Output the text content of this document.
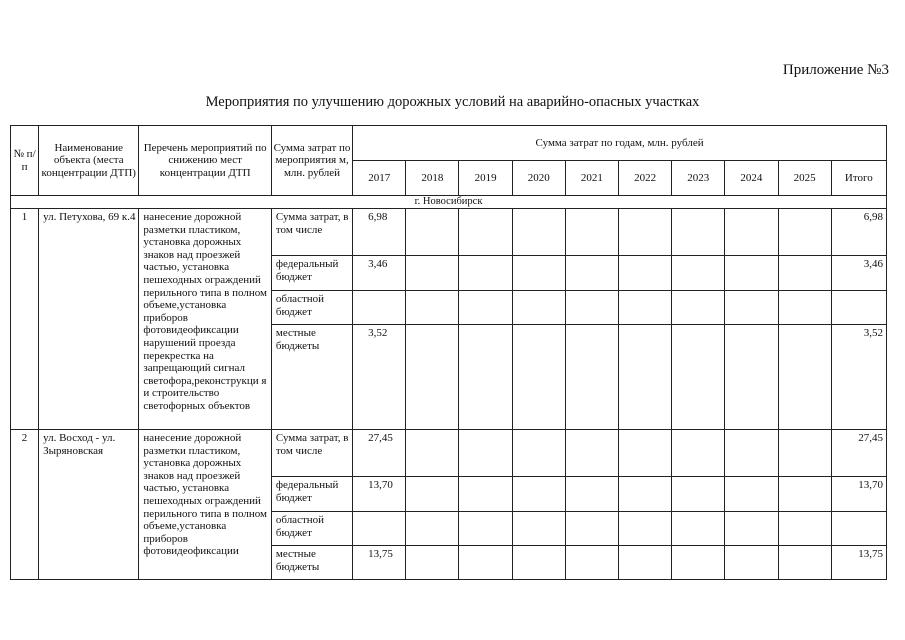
Приложение №3
Мероприятия по улучшению дорожных условий на аварийно-опасных участках
№ п/п	Наименование объекта (места концентрации ДТП)	Перечень мероприятий по снижению мест концентрации ДТП	Сумма затрат по мероприятия м, млн. рублей	Сумма затрат по годам, млн. рублей									
				2017	2018	2019	2020	2021	2022	2023	2024	2025	Итого
г. Новосибирск													
1	ул. Петухова, 69 к.4	нанесение дорожной разметки пластиком, установка дорожных знаков над проезжей частью, установка пешеходных ограждений перильного типа в полном объеме,установка приборов фотовидеофиксации нарушений проезда перекрестка на запрещающий сигнал светофора,реконструкци я и строительство светофорных объектов	Сумма затрат, в том числе	6,98									6,98
			федеральный бюджет	3,46									3,46
			областной бюджет										
			местные бюджеты	3,52									3,52
2	ул. Восход - ул. Зыряновская	нанесение дорожной разметки пластиком, установка дорожных знаков над проезжей частью, установка пешеходных ограждений перильного типа в полном объеме,установка приборов фотовидеофиксации	Сумма затрат, в том числе	27,45									27,45
			федеральный бюджет	13,70									13,70
			областной бюджет										
			местные бюджеты	13,75									13,75
